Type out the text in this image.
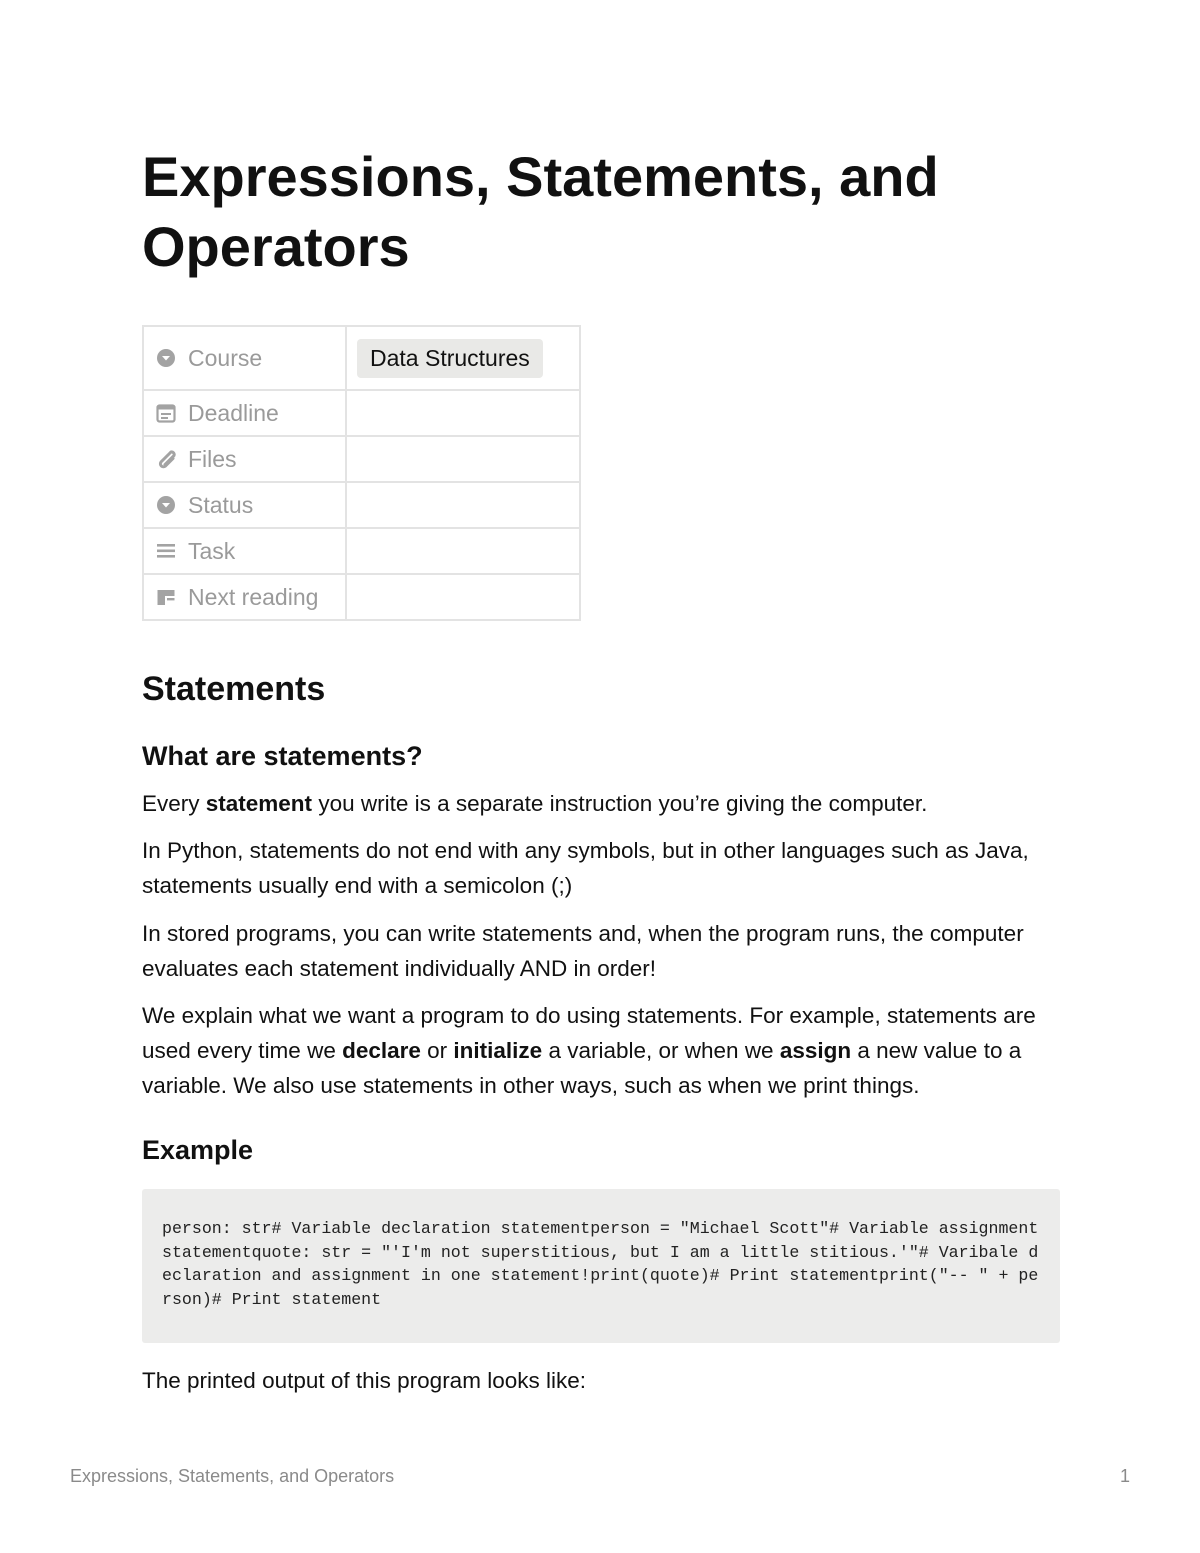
Expressions, Statements, and Operators
Course	Data Structures

Deadline	

Files	

Status	

Task	

Next reading	

Statements
What are statements?

Every statement you write is a separate instruction you’re giving the computer.

In Python, statements do not end with any symbols, but in other languages such as Java, statements usually end with a semicolon (;)

In stored programs, you can write statements and, when the program runs, the computer evaluates each statement individually AND in order!

We explain what we want a program to do using statements. For example, statements are used every time we declare or initialize a variable, or when we assign a new value to a variable. We also use statements in other ways, such as when we print things.

Example
person: str# Variable declaration statementperson = "Michael Scott"# Variable assignment statementquote: str = "'I'm not superstitious, but I am a little stitious.'"# Varibale declaration and assignment in one statement!print(quote)# Print statementprint("-- " + person)# Print statement

The printed output of this program looks like:

Expressions, Statements, and Operators	1
